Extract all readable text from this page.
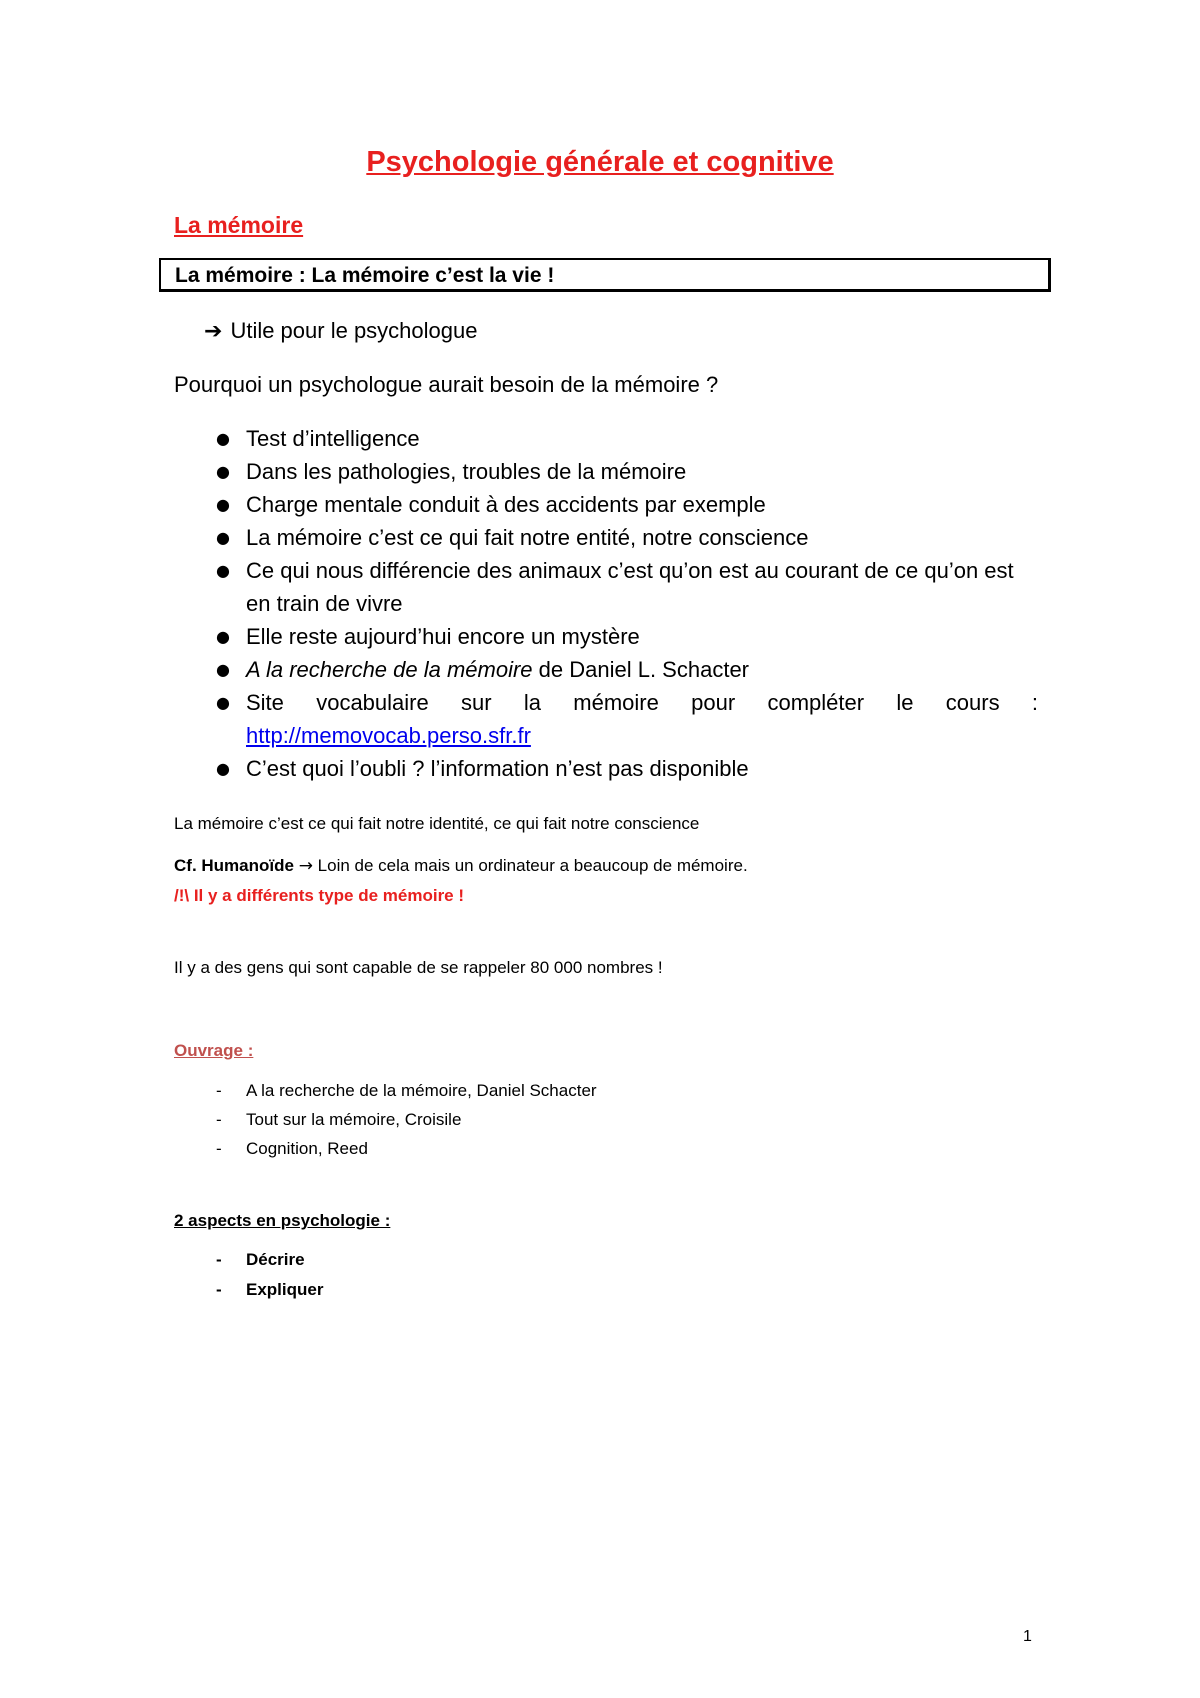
Psychologie générale et cognitive
La mémoire
La mémoire : La mémoire c’est la vie !
➔ Utile pour le psychologue
Pourquoi un psychologue aurait besoin de la mémoire ?
● Test d’intelligence
● Dans les pathologies, troubles de la mémoire
● Charge mentale conduit à des accidents par exemple
● La mémoire c’est ce qui fait notre entité, notre conscience
● Ce qui nous différencie des animaux c’est qu’on est au courant de ce qu’on est en train de vivre
● Elle reste aujourd’hui encore un mystère
● A la recherche de la mémoire de Daniel L. Schacter
● Site vocabulaire sur la mémoire pour compléter le cours :
http://memovocab.perso.sfr.fr
● C’est quoi l’oubli ? l’information n’est pas disponible
La mémoire c’est ce qui fait notre identité, ce qui fait notre conscience
Cf. Humanoïde → Loin de cela mais un ordinateur a beaucoup de mémoire.
/!\ Il y a différents type de mémoire !
Il y a des gens qui sont capable de se rappeler 80 000 nombres !
Ouvrage :
- A la recherche de la mémoire, Daniel Schacter
- Tout sur la mémoire, Croisile
- Cognition, Reed
2 aspects en psychologie :
- Décrire
- Expliquer
1
